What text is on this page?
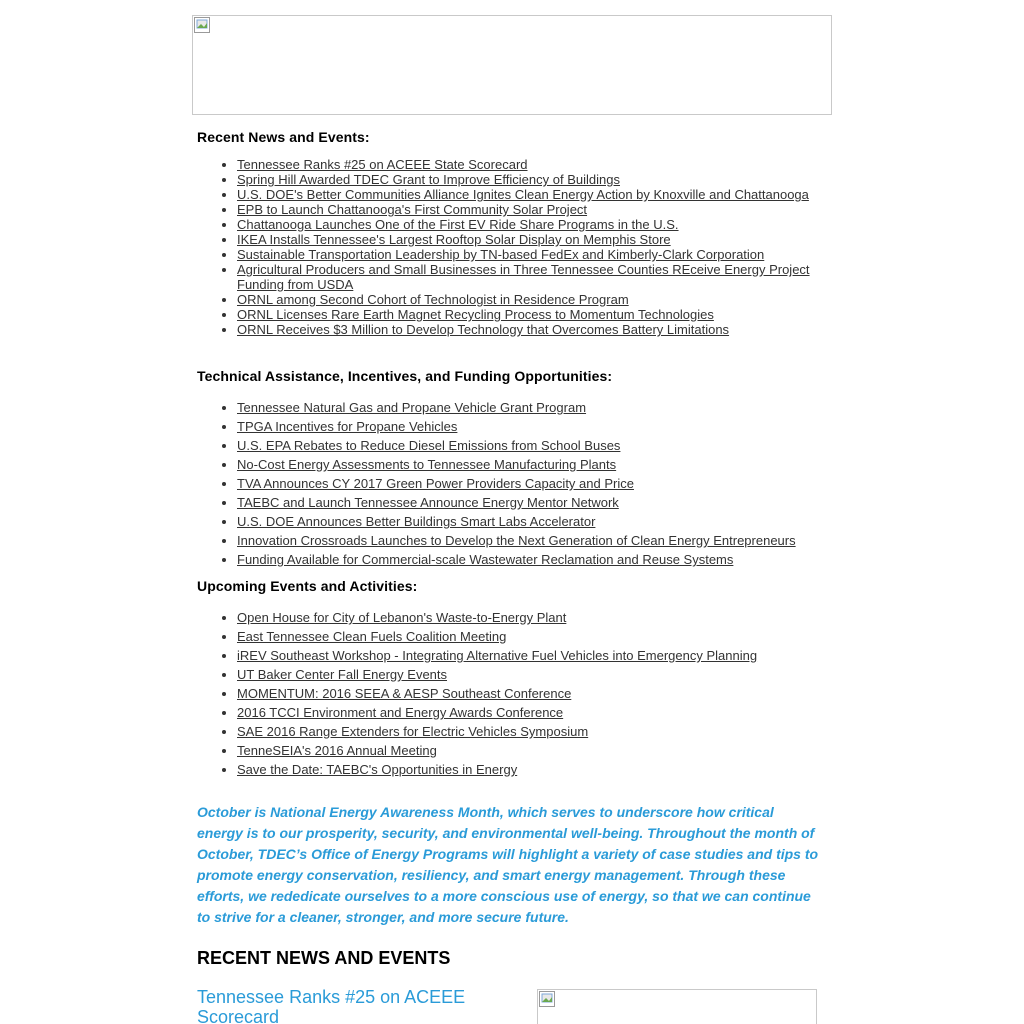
Recent News and Events:
• Tennessee Ranks #25 on ACEEE State Scorecard
• Spring Hill Awarded TDEC Grant to Improve Efficiency of Buildings
• U.S. DOE's Better Communities Alliance Ignites Clean Energy Action by Knoxville and Chattanooga
• EPB to Launch Chattanooga's First Community Solar Project
• Chattanooga Launches One of the First EV Ride Share Programs in the U.S.
• IKEA Installs Tennessee's Largest Rooftop Solar Display on Memphis Store
• Sustainable Transportation Leadership by TN-based FedEx and Kimberly-Clark Corporation
• Agricultural Producers and Small Businesses in Three Tennessee Counties REceive Energy Project Funding from USDA
• ORNL among Second Cohort of Technologist in Residence Program
• ORNL Licenses Rare Earth Magnet Recycling Process to Momentum Technologies
• ORNL Receives $3 Million to Develop Technology that Overcomes Battery Limitations
Technical Assistance, Incentives, and Funding Opportunities:
• Tennessee Natural Gas and Propane Vehicle Grant Program
• TPGA Incentives for Propane Vehicles
• U.S. EPA Rebates to Reduce Diesel Emissions from School Buses
• No-Cost Energy Assessments to Tennessee Manufacturing Plants
• TVA Announces CY 2017 Green Power Providers Capacity and Price
• TAEBC and Launch Tennessee Announce Energy Mentor Network
• U.S. DOE Announces Better Buildings Smart Labs Accelerator
• Innovation Crossroads Launches to Develop the Next Generation of Clean Energy Entrepreneurs
• Funding Available for Commercial-scale Wastewater Reclamation and Reuse Systems
Upcoming Events and Activities:
• Open House for City of Lebanon's Waste-to-Energy Plant
• East Tennessee Clean Fuels Coalition Meeting
• iREV Southeast Workshop - Integrating Alternative Fuel Vehicles into Emergency Planning
• UT Baker Center Fall Energy Events
• MOMENTUM: 2016 SEEA & AESP Southeast Conference
• 2016 TCCI Environment and Energy Awards Conference
• SAE 2016 Range Extenders for Electric Vehicles Symposium
• TenneSEIA's 2016 Annual Meeting
• Save the Date: TAEBC's Opportunities in Energy

October is National Energy Awareness Month, which serves to underscore how critical energy is to our prosperity, security, and environmental well-being. Throughout the month of October, TDEC’s Office of Energy Programs will highlight a variety of case studies and tips to promote energy conservation, resiliency, and smart energy management. Through these efforts, we rededicate ourselves to a more conscious use of energy, so that we can continue to strive for a cleaner, stronger, and more secure future.

RECENT NEWS AND EVENTS
Tennessee Ranks #25 on ACEEE Scorecard
